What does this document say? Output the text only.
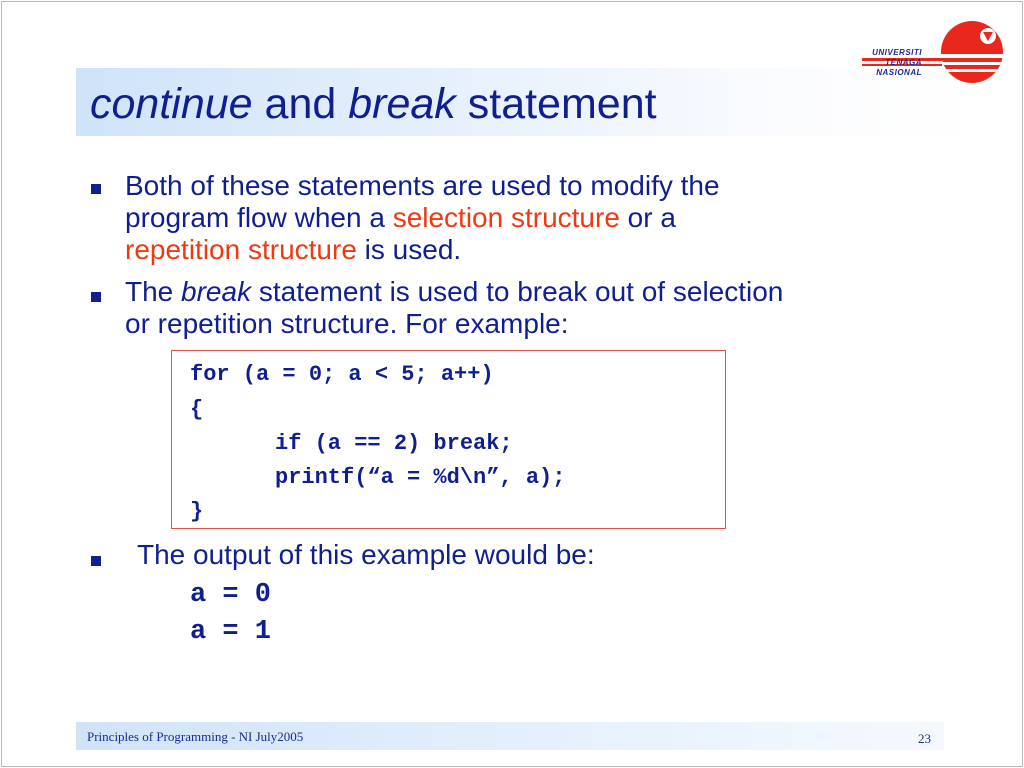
continue and break statement
UNIVERSITI
TENAGA
NASIONAL
Both of these statements are used to modify the
program flow when a selection structure or a
repetition structure is used.
The break statement is used to break out of selection
or repetition structure. For example:
for (a = 0; a < 5; a++)
{
if (a == 2) break;
printf(“a = %d\n”, a);
}
The output of this example would be:
a = 0
a = 1
Principles of Programming - NI July2005	23
